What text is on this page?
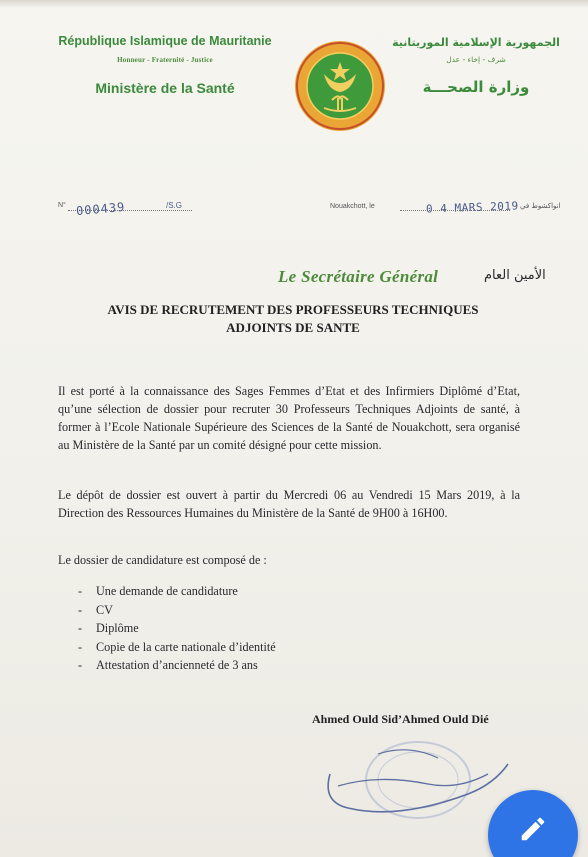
République Islamique de Mauritanie
Honneur - Fraternité - Justice
Ministère de la Santé
الجمهورية الإسلامية الموريتانية
شرف - إخاء - عدل
وزارة الصحـــة
N° 000439	/S.G	Nouakchott, le	0 4 MARS 2019 انواكشوط في
Le Secrétaire Général	الأمين العام
AVIS DE RECRUTEMENT DES PROFESSEURS TECHNIQUES
ADJOINTS DE SANTE

Il est porté à la connaissance des Sages Femmes d’Etat et des Infirmiers Diplômé d’Etat, qu’une sélection de dossier pour recruter 30 Professeurs Techniques Adjoints de santé, à former à l’Ecole Nationale Supérieure des Sciences de la Santé de Nouakchott, sera organisé au Ministère de la Santé par un comité désigné pour cette mission.

Le dépôt de dossier est ouvert à partir du Mercredi 06 au Vendredi 15 Mars 2019, à la Direction des Ressources Humaines du Ministère de la Santé de 9H00 à 16H00.

Le dossier de candidature est composé de :

- Une demande de candidature
- CV
- Diplôme
- Copie de la carte nationale d’identité
- Attestation d’ancienneté de 3 ans
Ahmed Ould Sid’Ahmed Ould Dié
